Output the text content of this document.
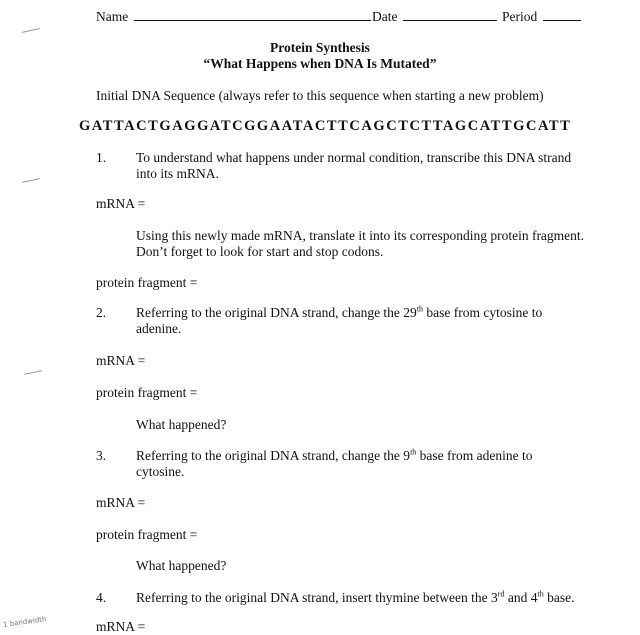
Name	Date	Period
Protein Synthesis
“What Happens when DNA Is Mutated”
Initial DNA Sequence (always refer to this sequence when starting a new problem)
GATTACTGAGGATCGGAATACTTCAGCTCTTAGCATTGCATT
1. To understand what happens under normal condition, transcribe this DNA strand
into its mRNA.
mRNA =
Using this newly made mRNA, translate it into its corresponding protein fragment.
Don’t forget to look for start and stop codons.
protein fragment =
2. Referring to the original DNA strand, change the 29th base from cytosine to
adenine.
mRNA =
protein fragment =
What happened?
3. Referring to the original DNA strand, change the 9th base from adenine to
cytosine.
mRNA =
protein fragment =
What happened?
4. Referring to the original DNA strand, insert thymine between the 3rd and 4th base.
mRNA =
1 bandwidth
